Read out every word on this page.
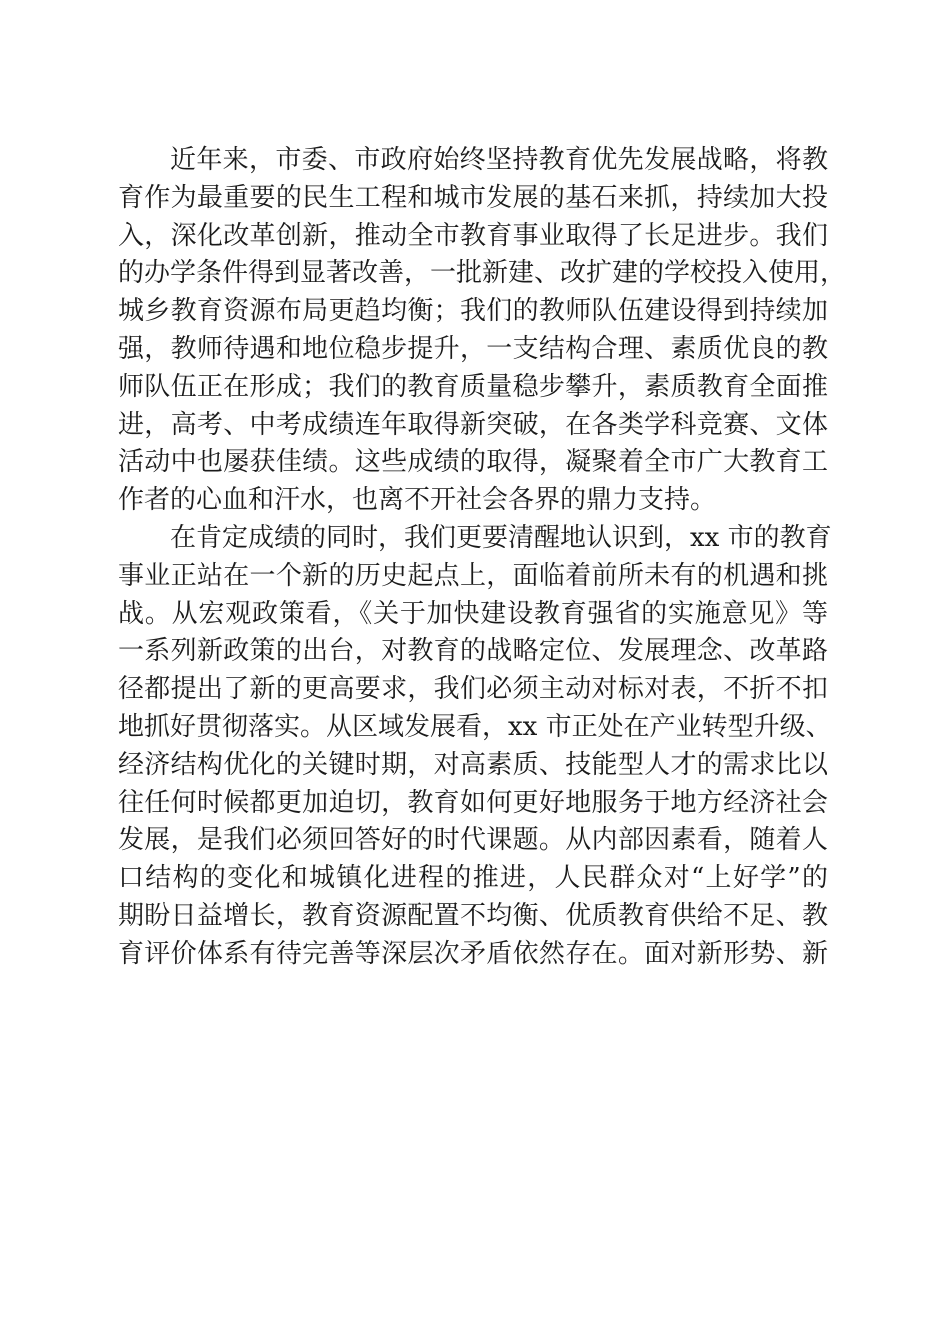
近年来，市委、市政府始终坚持教育优先发展战略，将教
育作为最重要的民生工程和城市发展的基石来抓，持续加大投
入，深化改革创新，推动全市教育事业取得了长足进步。我们
的办学条件得到显著改善，一批新建、改扩建的学校投入使用，
城乡教育资源布局更趋均衡；我们的教师队伍建设得到持续加
强，教师待遇和地位稳步提升，一支结构合理、素质优良的教
师队伍正在形成；我们的教育质量稳步攀升，素质教育全面推
进，高考、中考成绩连年取得新突破，在各类学科竞赛、文体
活动中也屡获佳绩。这些成绩的取得，凝聚着全市广大教育工
作者的心血和汗水，也离不开社会各界的鼎力支持。
在肯定成绩的同时，我们更要清醒地认识到，xx 市的教育
事业正站在一个新的历史起点上，面临着前所未有的机遇和挑
战。从宏观政策看，《关于加快建设教育强省的实施意见》等
一系列新政策的出台，对教育的战略定位、发展理念、改革路
径都提出了新的更高要求，我们必须主动对标对表，不折不扣
地抓好贯彻落实。从区域发展看，xx 市正处在产业转型升级、
经济结构优化的关键时期，对高素质、技能型人才的需求比以
往任何时候都更加迫切，教育如何更好地服务于地方经济社会
发展，是我们必须回答好的时代课题。从内部因素看，随着人
口结构的变化和城镇化进程的推进，人民群众对“上好学”的
期盼日益增长，教育资源配置不均衡、优质教育供给不足、教
育评价体系有待完善等深层次矛盾依然存在。面对新形势、新
